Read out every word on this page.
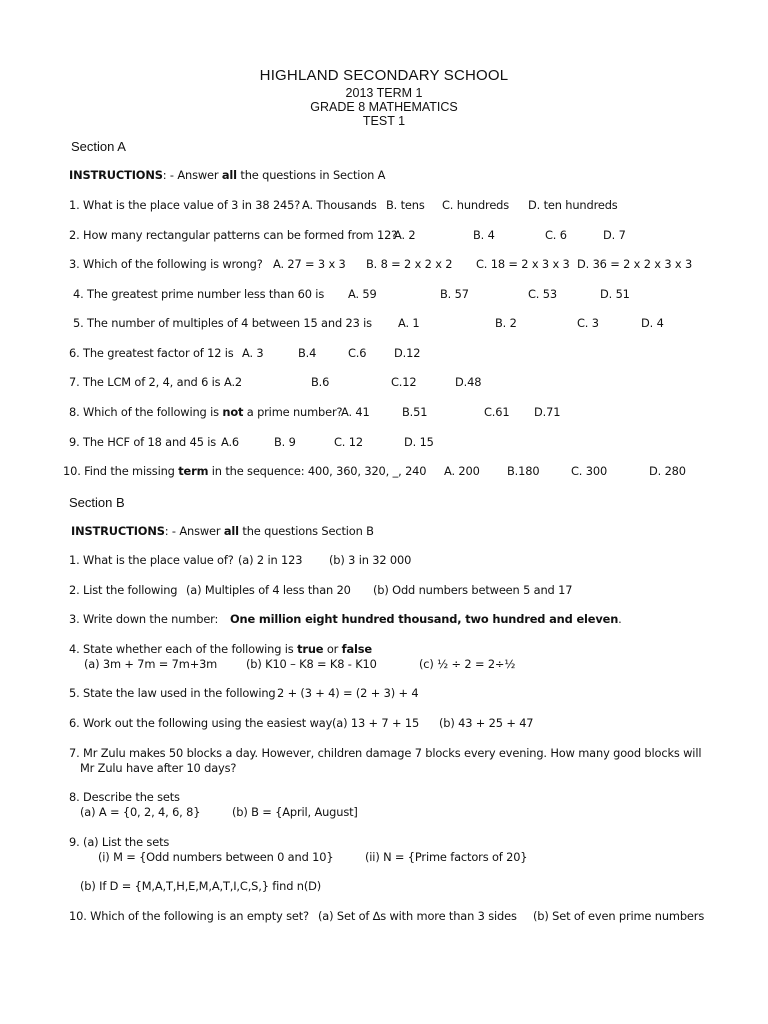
HIGHLAND SECONDARY SCHOOL
2013 TERM 1
GRADE 8 MATHEMATICS
TEST 1
Section A
INSTRUCTIONS: - Answer all the questions in Section A
1. What is the place value of 3 in 38 245? A. Thousands B. tens C. hundreds D. ten hundreds
2. How many rectangular patterns can be formed from 12?
A. 2	B. 4	C. 6	D. 7
3. Which of the following is wrong? A. 27 = 3 x 3 B. 8 = 2 x 2 x 2 C. 18 = 2 x 3 x 3 D. 36 = 2 x 2 x 3 x 3
4. The greatest prime number less than 60 is A. 59	B. 57	C. 53	D. 51
5. The number of multiples of 4 between 15 and 23 is A. 1	B. 2	C. 3	D. 4
6. The greatest factor of 12 is A. 3	B.4	C.6 D.12
7. The LCM of 2, 4, and 6 is A.2	B.6	C.12	D.48
8. Which of the following is not a prime number?
A. 41	B.51	C.61 D.71
9. The HCF of 18 and 45 is A.6	B. 9	C. 12	D. 15
10. Find the missing term in the sequence: 400, 360, 320, _, 240 A. 200 B.180	C. 300	D. 280
Section B
INSTRUCTIONS: - Answer all the questions Section B
1. What is the place value of? (a) 2 in 123 (b) 3 in 32 000
2. List the following (a) Multiples of 4 less than 20 (b) Odd numbers between 5 and 17
3. Write down the number: One million eight hundred thousand, two hundred and eleven.
4. State whether each of the following is true or false
(a) 3m + 7m = 7m+3m	(b) K10 – K8 = K8 - K10	(c) ½ ÷ 2 = 2÷½
5. State the law used in the following 2 + (3 + 4) = (2 + 3) + 4
6. Work out the following using the easiest way (a) 13 + 7 + 15 (b) 43 + 25 + 47
7. Mr Zulu makes 50 blocks a day. However, children damage 7 blocks every evening. How many good blocks will
Mr Zulu have after 10 days?
8. Describe the sets
(a) A = {0, 2, 4, 6, 8}	(b) B = {April, August]
9. (a) List the sets
(i) M = {Odd numbers between 0 and 10}	(ii) N = {Prime factors of 20}
(b) If D = {M,A,T,H,E,M,A,T,I,C,S,} find n(D)
10. Which of the following is an empty set? (a) Set of ∆s with more than 3 sides (b) Set of even prime numbers
